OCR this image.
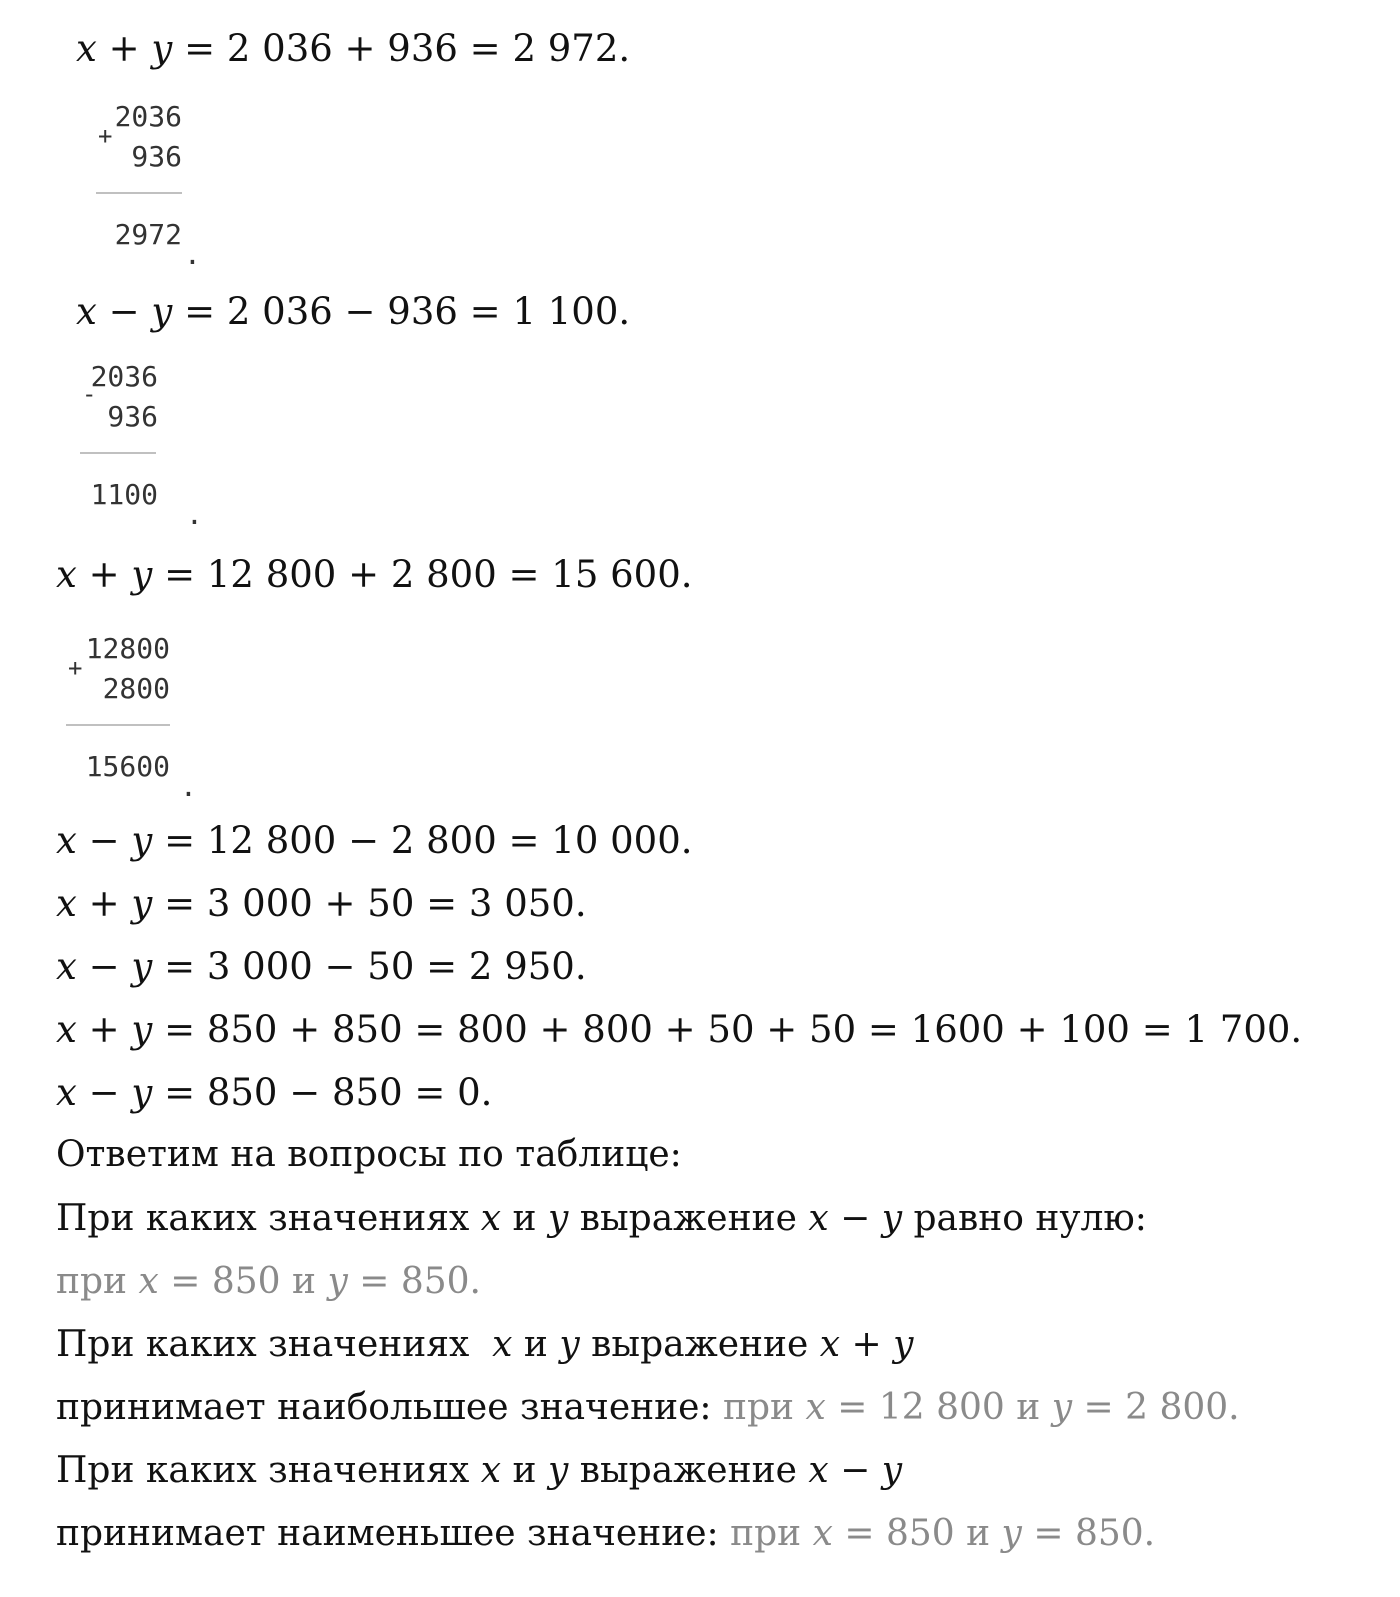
x + y = 2 036 + 936 = 2 972.
2036
+
936
2972
.
x − y = 2 036 − 936 = 1 100.
2036
-
936
1100
.
x + y = 12 800 + 2 800 = 15 600.
12800
+
2800
15600
.
x − y = 12 800 − 2 800 = 10 000.
x + y = 3 000 + 50 = 3 050.
x − y = 3 000 − 50 = 2 950.
x + y = 850 + 850 = 800 + 800 + 50 + 50 = 1600 + 100 = 1 700.
x − y = 850 − 850 = 0.
Ответим на вопросы по таблице:
При каких значениях x и y выражение x − y равно нулю:
при x = 850 и y = 850.
При каких значениях  x и y выражение x + y
принимает наибольшее значение: при x = 12 800 и y = 2 800.
При каких значениях x и y выражение x − y
принимает наименьшее значение: при x = 850 и y = 850.
